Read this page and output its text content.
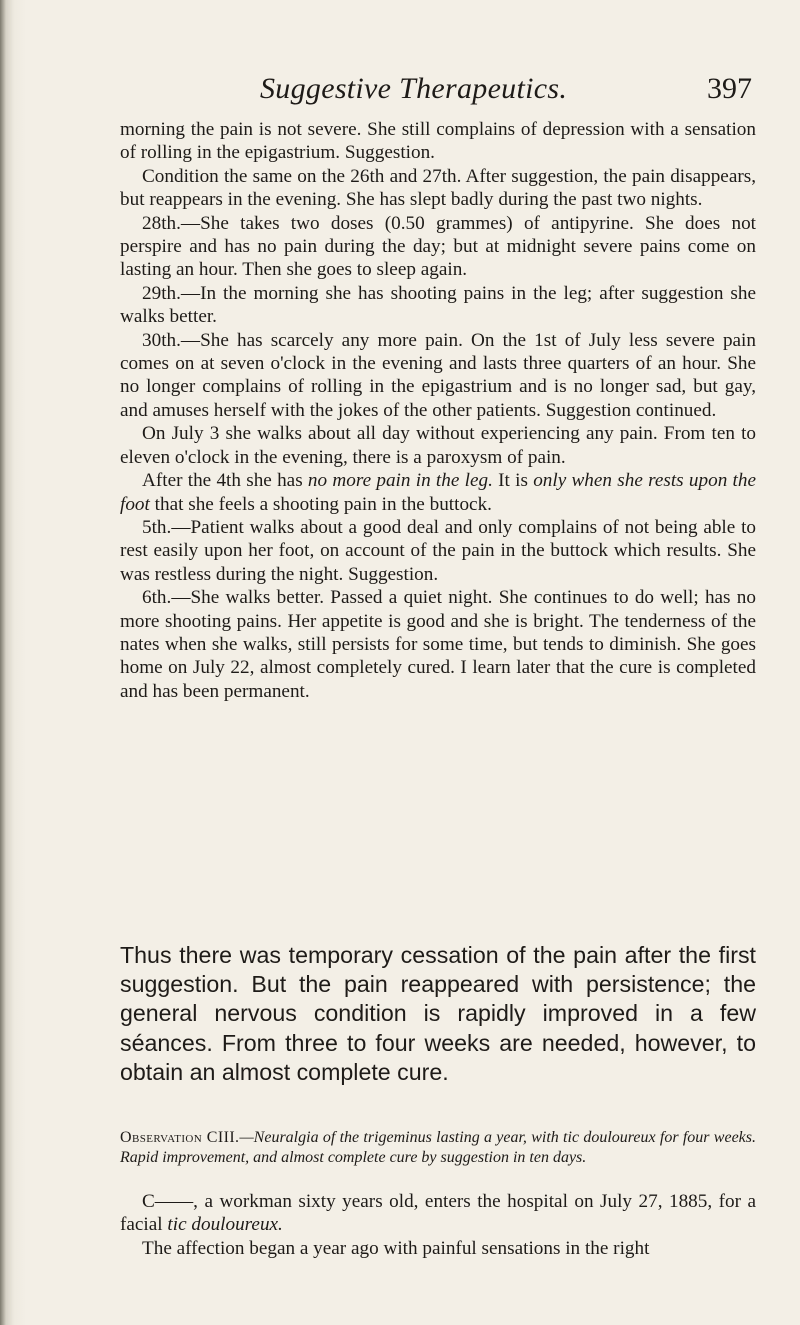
Suggestive Therapeutics.	397

morning the pain is not severe. She still complains of depression with a sensation of rolling in the epigastrium. Suggestion.

Condition the same on the 26th and 27th. After suggestion, the pain disappears, but reappears in the evening. She has slept badly during the past two nights.

28th.—She takes two doses (0.50 grammes) of antipyrine. She does not perspire and has no pain during the day; but at midnight severe pains come on lasting an hour. Then she goes to sleep again.

29th.—In the morning she has shooting pains in the leg; after suggestion she walks better.

30th.—She has scarcely any more pain. On the 1st of July less severe pain comes on at seven o'clock in the evening and lasts three quarters of an hour. She no longer complains of rolling in the epigastrium and is no longer sad, but gay, and amuses herself with the jokes of the other patients. Suggestion continued.

On July 3 she walks about all day without experiencing any pain. From ten to eleven o'clock in the evening, there is a paroxysm of pain.

After the 4th she has no more pain in the leg. It is only when she rests upon the foot that she feels a shooting pain in the buttock.

5th.—Patient walks about a good deal and only complains of not being able to rest easily upon her foot, on account of the pain in the buttock which results. She was restless during the night. Suggestion.

6th.—She walks better. Passed a quiet night. She continues to do well; has no more shooting pains. Her appetite is good and she is bright. The tenderness of the nates when she walks, still persists for some time, but tends to diminish. She goes home on July 22, almost completely cured. I learn later that the cure is completed and has been permanent.

Thus there was temporary cessation of the pain after the first suggestion. But the pain reappeared with persistence; the general nervous condition is rapidly improved in a few séances. From three to four weeks are needed, however, to obtain an almost complete cure.

Observation CIII.—Neuralgia of the trigeminus lasting a year, with tic douloureux for four weeks. Rapid improvement, and almost complete cure by suggestion in ten days.

C——, a workman sixty years old, enters the hospital on July 27, 1885, for a facial tic douloureux.

The affection began a year ago with painful sensations in the right
